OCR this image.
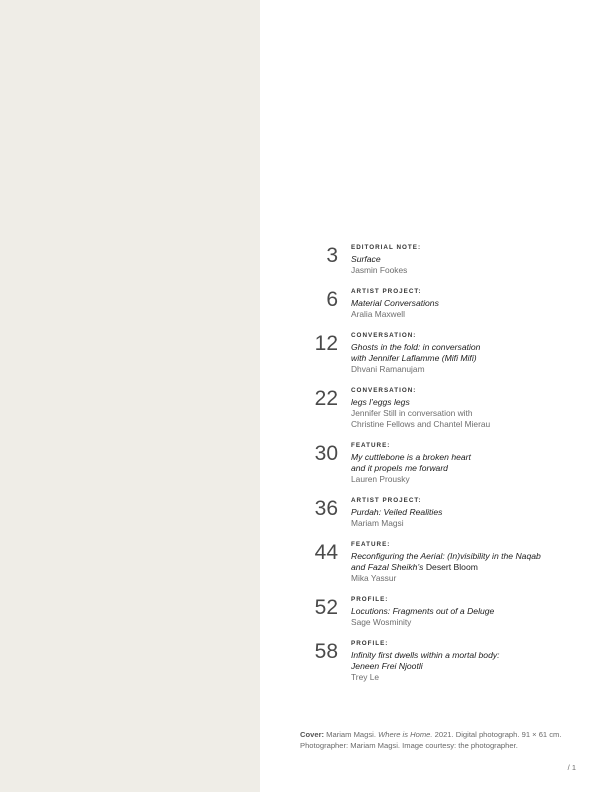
3 EDITORIAL NOTE:
Surface
Jasmin Fookes
6 ARTIST PROJECT:
Material Conversations
Aralia Maxwell
12 CONVERSATION:
Ghosts in the fold: in conversation
with Jennifer Laflamme (Mifi Mifi)
Dhvani Ramanujam
22 CONVERSATION:
legs l’eggs legs
Jennifer Still in conversation with
Christine Fellows and Chantel Mierau
30 FEATURE:
My cuttlebone is a broken heart
and it propels me forward
Lauren Prousky
36 ARTIST PROJECT:
Purdah: Veiled Realities
Mariam Magsi
44 FEATURE:
Reconfiguring the Aerial: (In)visibility in the Naqab
and Fazal Sheikh’s Desert Bloom
Mika Yassur
52 PROFILE:
Locutions: Fragments out of a Deluge
Sage Wosminity
58 PROFILE:
Infinity first dwells within a mortal body:
Jeneen Frei Njootli
Trey Le
Cover: Mariam Magsi. Where is Home. 2021. Digital photograph. 91 × 61 cm.
Photographer: Mariam Magsi. Image courtesy: the photographer.
/ 1
